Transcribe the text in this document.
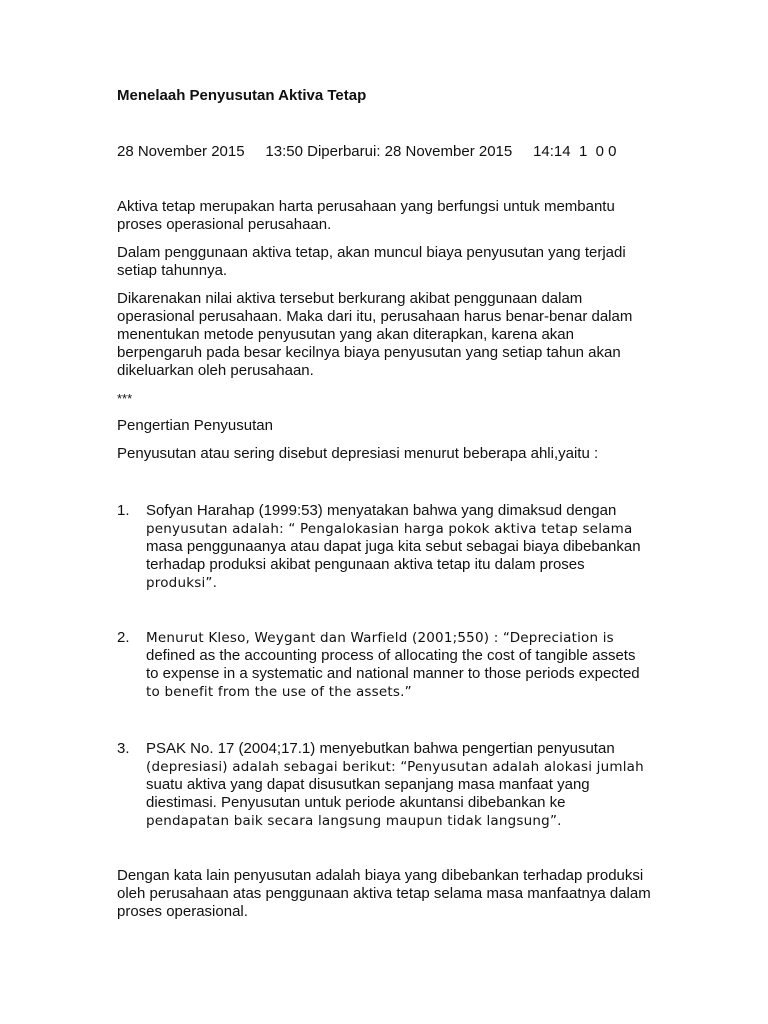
Menelaah Penyusutan Aktiva Tetap
28 November 2015     13:50 Diperbarui: 28 November 2015     14:14  1  0 0
Aktiva tetap merupakan harta perusahaan yang berfungsi untuk membantu proses operasional perusahaan.
Dalam penggunaan aktiva tetap, akan muncul biaya penyusutan yang terjadi setiap tahunnya.
Dikarenakan nilai aktiva tersebut berkurang akibat penggunaan dalam operasional perusahaan. Maka dari itu, perusahaan harus benar-benar dalam menentukan metode penyusutan yang akan diterapkan, karena akan berpengaruh pada besar kecilnya biaya penyusutan yang setiap tahun akan dikeluarkan oleh perusahaan.
***
Pengertian Penyusutan
Penyusutan atau sering disebut depresiasi menurut beberapa ahli,yaitu :
1. Sofyan Harahap (1999:53) menyatakan bahwa yang dimaksud dengan
penyusutan adalah: “ Pengalokasian harga pokok aktiva tetap selama
masa penggunaanya atau dapat juga kita sebut sebagai biaya dibebankan
terhadap produksi akibat pengunaan aktiva tetap itu dalam proses
produksi”.
2. Menurut Kleso, Weygant dan Warfield (2001;550) : “Depreciation is
defined as the accounting process of allocating the cost of tangible assets
to expense in a systematic and national manner to those periods expected
to benefit from the use of the assets.”
3. PSAK No. 17 (2004;17.1) menyebutkan bahwa pengertian penyusutan
(depresiasi) adalah sebagai berikut: “Penyusutan adalah alokasi jumlah
suatu aktiva yang dapat disusutkan sepanjang masa manfaat yang
diestimasi. Penyusutan untuk periode akuntansi dibebankan ke
pendapatan baik secara langsung maupun tidak langsung”.
Dengan kata lain penyusutan adalah biaya yang dibebankan terhadap produksi oleh perusahaan atas penggunaan aktiva tetap selama masa manfaatnya dalam proses operasional.
